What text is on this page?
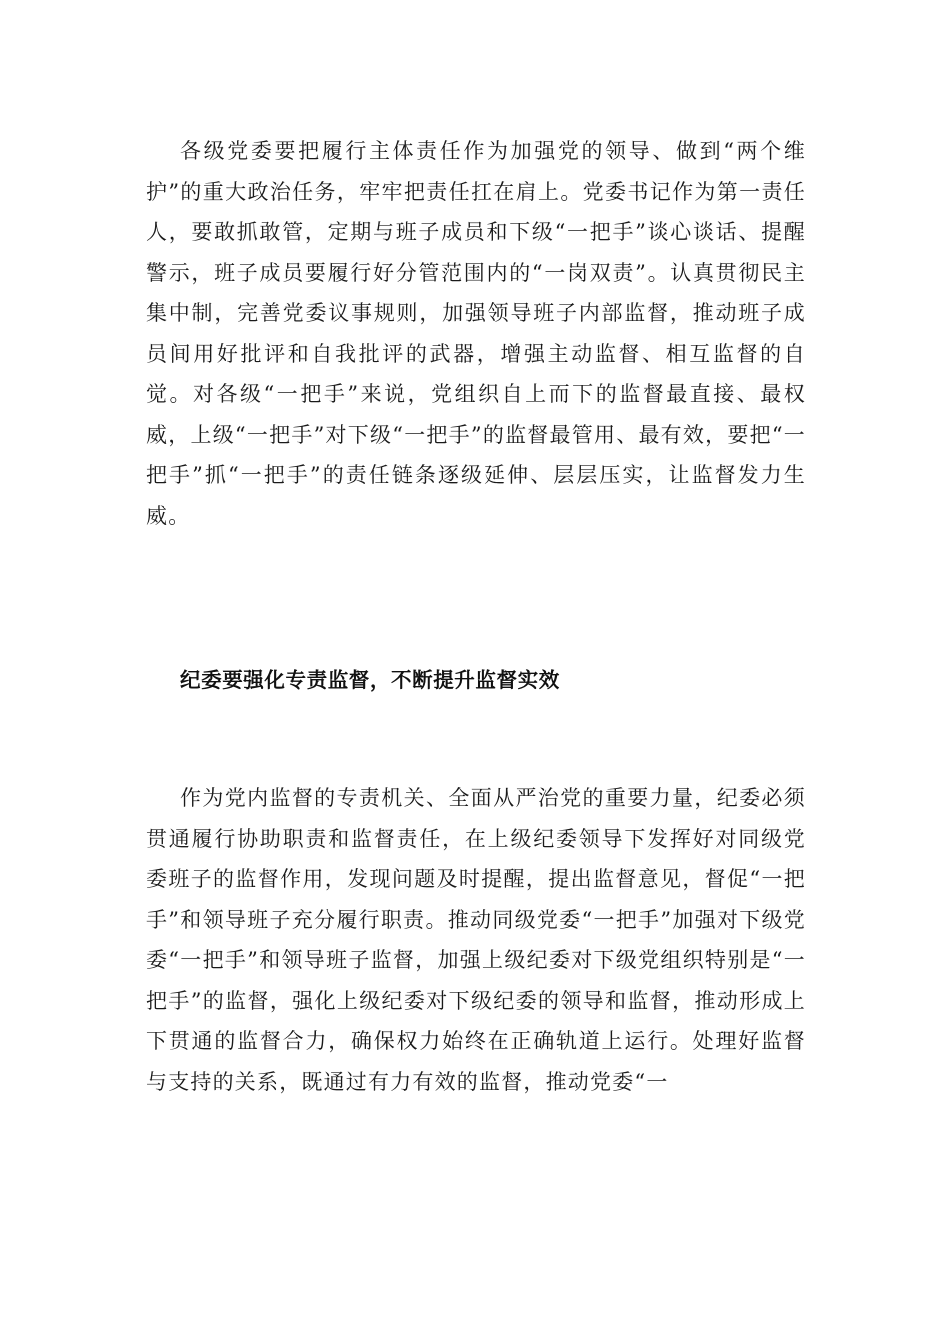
各级党委要把履行主体责任作为加强党的领导、做到“两个维护”的重大政治任务，牢牢把责任扛在肩上。党委书记作为第一责任人，要敢抓敢管，定期与班子成员和下级“一把手”谈心谈话、提醒警示，班子成员要履行好分管范围内的“一岗双责”。认真贯彻民主集中制，完善党委议事规则，加强领导班子内部监督，推动班子成员间用好批评和自我批评的武器，增强主动监督、相互监督的自觉。对各级“一把手”来说，党组织自上而下的监督最直接、最权威，上级“一把手”对下级“一把手”的监督最管用、最有效，要把“一把手”抓“一把手”的责任链条逐级延伸、层层压实，让监督发力生威。

纪委要强化专责监督，不断提升监督实效

作为党内监督的专责机关、全面从严治党的重要力量，纪委必须贯通履行协助职责和监督责任，在上级纪委领导下发挥好对同级党委班子的监督作用，发现问题及时提醒，提出监督意见，督促“一把手”和领导班子充分履行职责。推动同级党委“一把手”加强对下级党委“一把手”和领导班子监督，加强上级纪委对下级党组织特别是“一把手”的监督，强化上级纪委对下级纪委的领导和监督，推动形成上下贯通的监督合力，确保权力始终在正确轨道上运行。处理好监督与支持的关系，既通过有力有效的监督，推动党委“一
